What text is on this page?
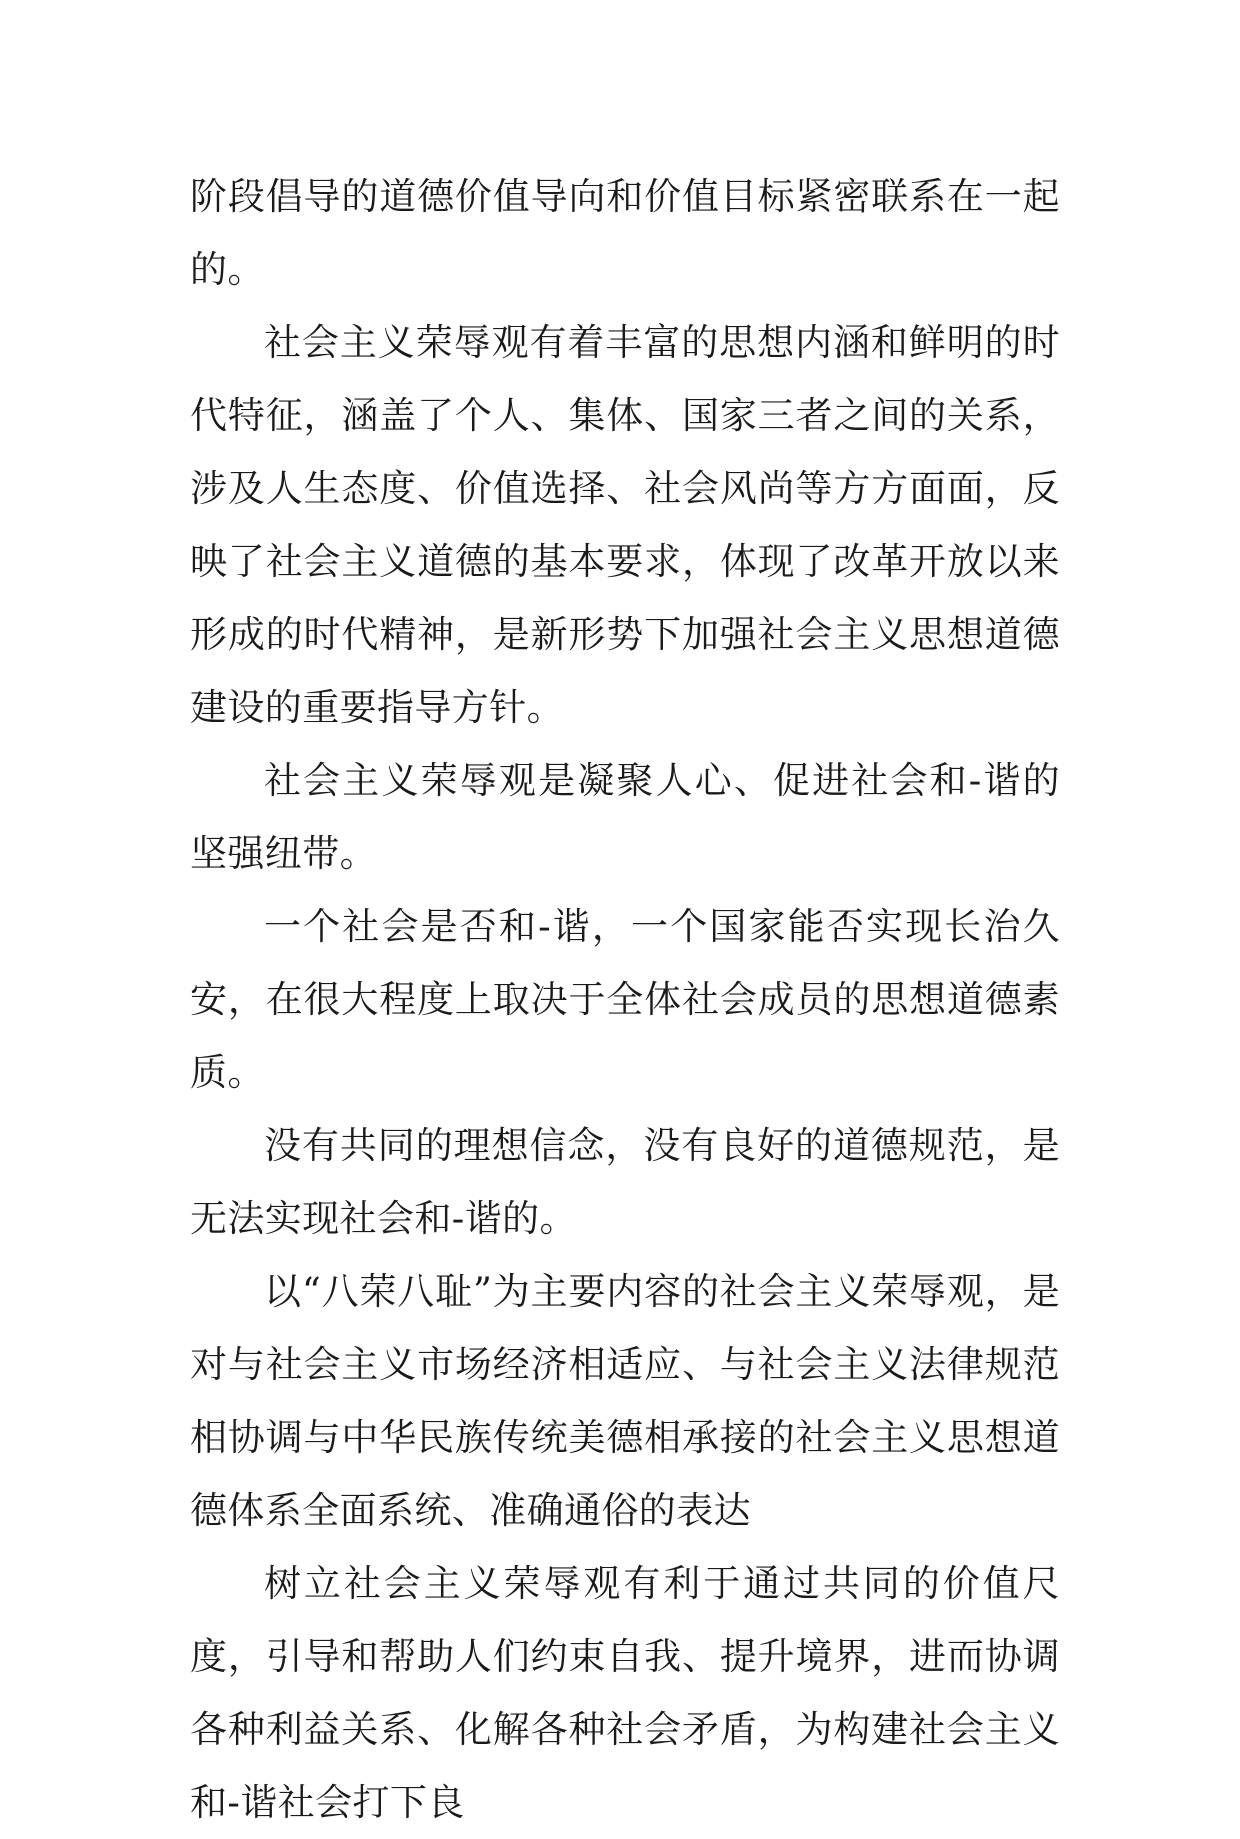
阶段倡导的道德价值导向和价值目标紧密联系在一起的。

社会主义荣辱观有着丰富的思想内涵和鲜明的时代特征，涵盖了个人、集体、国家三者之间的关系，涉及人生态度、价值选择、社会风尚等方方面面，反映了社会主义道德的基本要求，体现了改革开放以来形成的时代精神，是新形势下加强社会主义思想道德建设的重要指导方针。

社会主义荣辱观是凝聚人心、促进社会和-谐的坚强纽带。

一个社会是否和-谐，一个国家能否实现长治久安，在很大程度上取决于全体社会成员的思想道德素质。

没有共同的理想信念，没有良好的道德规范，是无法实现社会和-谐的。

以“八荣八耻”为主要内容的社会主义荣辱观，是对与社会主义市场经济相适应、与社会主义法律规范相协调与中华民族传统美德相承接的社会主义思想道德体系全面系统、准确通俗的表达

树立社会主义荣辱观有利于通过共同的价值尺度，引导和帮助人们约束自我、提升境界，进而协调各种利益关系、化解各种社会矛盾，为构建社会主义和-谐社会打下良
